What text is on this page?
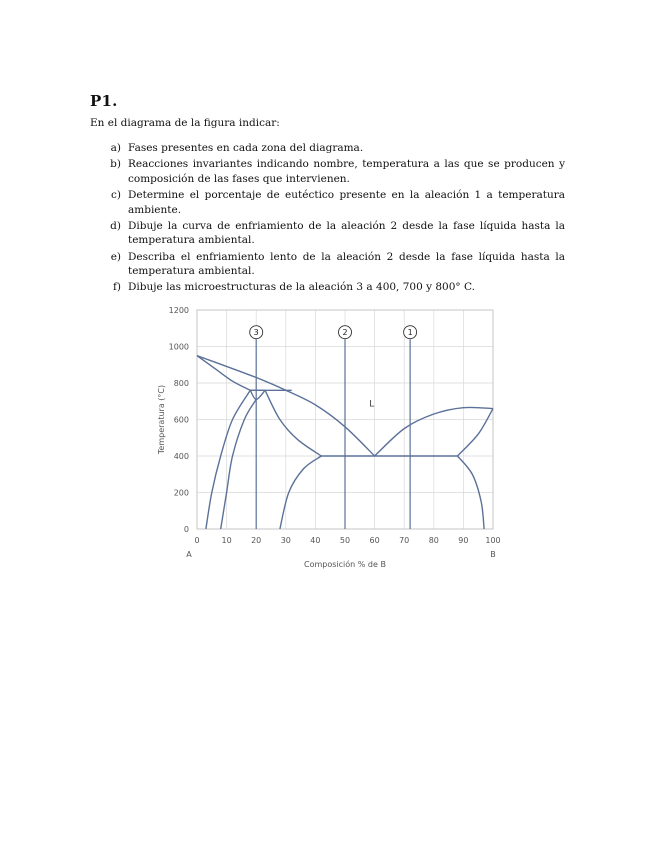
P1.
En el diagrama de la figura indicar:
a) Fases presentes en cada zona del diagrama.
b) Reacciones invariantes indicando nombre, temperatura a las que se producen y composición de las fases que intervienen.
c) Determine el porcentaje de eutéctico presente en la aleación 1 a temperatura ambiente.
d) Dibuje la curva de enfriamiento de la aleación 2 desde la fase líquida hasta la temperatura ambiental.
e) Describa el enfriamiento lento de la aleación 2 desde la fase líquida hasta la temperatura ambiental.
f) Dibuje las microestructuras de la aleación 3 a 400, 700 y 800° C.
0	10 20 30 40 50 60 70 80 90 100
0
200
400
600
800
1000
1200
A	B
Composición % de B
Temperatura (°C)
1
2
3
L
